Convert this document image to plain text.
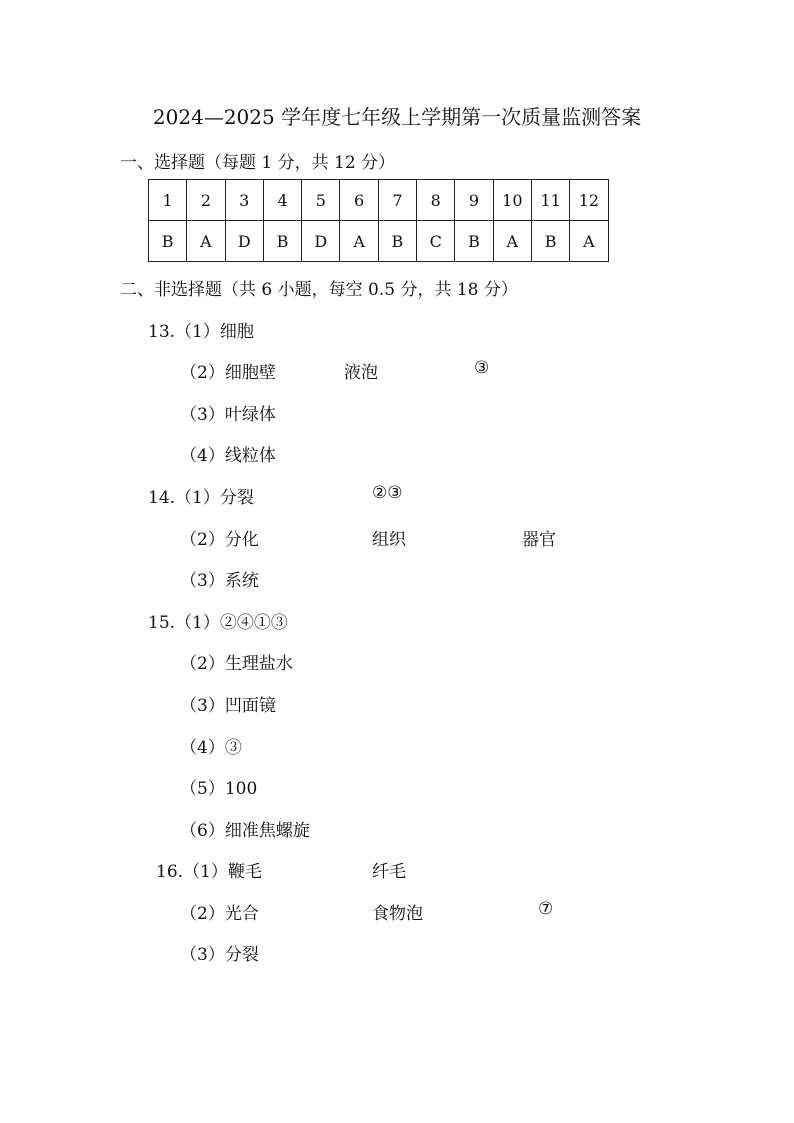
2024—2025 学年度七年级上学期第一次质量监测答案
一、选择题（每题 1 分，共 12 分）
1	2	3	4	5	6	7	8	9	10	11	12
B	A	D	B	D	A	B	C	B	A	B	A
二、非选择题（共 6 小题，每空 0.5 分，共 18 分）
13.（1）细胞
（2）细胞壁	液泡	③
（3）叶绿体
（4）线粒体
14.（1）分裂	②③
（2）分化	组织	器官
（3）系统
15.（1）②④①③
（2）生理盐水
（3）凹面镜
（4）③
（5）100
（6）细准焦螺旋
16.（1）鞭毛	纤毛
（2）光合	食物泡	⑦
（3）分裂
